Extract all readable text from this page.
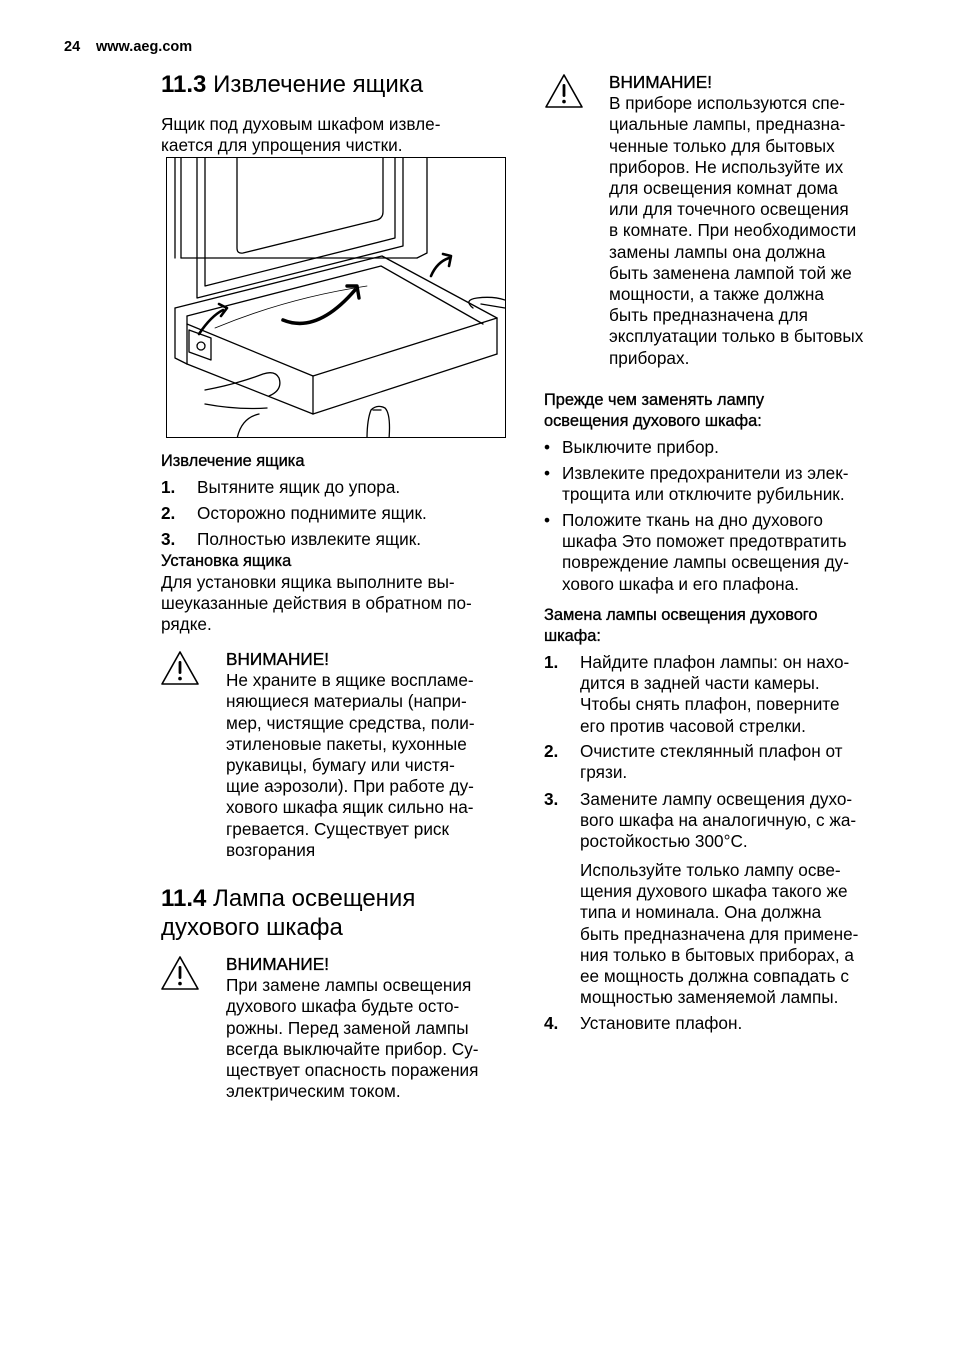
24 www.aeg.com
11.3 Извлечение ящика
Ящик под духовым шкафом извле-
кается для упрощения чистки.
Извлечение ящика
1. Вытяните ящик до упора.
2. Осторожно поднимите ящик.
3. Полностью извлеките ящик.
Установка ящика
Для установки ящика выполните вы-
шеуказанные действия в обратном по-
рядке.
ВНИМАНИЕ!
Не храните в ящике воспламе-
няющиеся материалы (напри-
мер, чистящие средства, поли-
этиленовые пакеты, кухонные
рукавицы, бумагу или чистя-
щие аэрозоли). При работе ду-
хового шкафа ящик сильно на-
гревается. Существует риск
возгорания
11.4 Лампа освещения
духового шкафа
ВНИМАНИЕ!
При замене лампы освещения
духового шкафа будьте осто-
рожны. Перед заменой лампы
всегда выключайте прибор. Су-
ществует опасность поражения
электрическим током.
ВНИМАНИЕ!
В приборе используются спе-
циальные лампы, предназна-
ченные только для бытовых
приборов. Не используйте их
для освещения комнат дома
или для точечного освещения
в комнате. При необходимости
замены лампы она должна
быть заменена лампой той же
мощности, а также должна
быть предназначена для
эксплуатации только в бытовых
приборах.
Прежде чем заменять лампу
освещения духового шкафа:
• Выключите прибор.
• Извлеките предохранители из элек-
трощита или отключите рубильник.
• Положите ткань на дно духового
шкафа Это поможет предотвратить
повреждение лампы освещения ду-
хового шкафа и его плафона.
Замена лампы освещения духового
шкафа:
1. Найдите плафон лампы: он нахо-
дится в задней части камеры.
Чтобы снять плафон, поверните
его против часовой стрелки.
2. Очистите стеклянный плафон от
грязи.
3. Замените лампу освещения духо-
вого шкафа на аналогичную, с жа-
ростойкостью 300°C.
Используйте только лампу осве-
щения духового шкафа такого же
типа и номинала. Она должна
быть предназначена для примене-
ния только в бытовых приборах, а
ее мощность должна совпадать с
мощностью заменяемой лампы.
4. Установите плафон.
